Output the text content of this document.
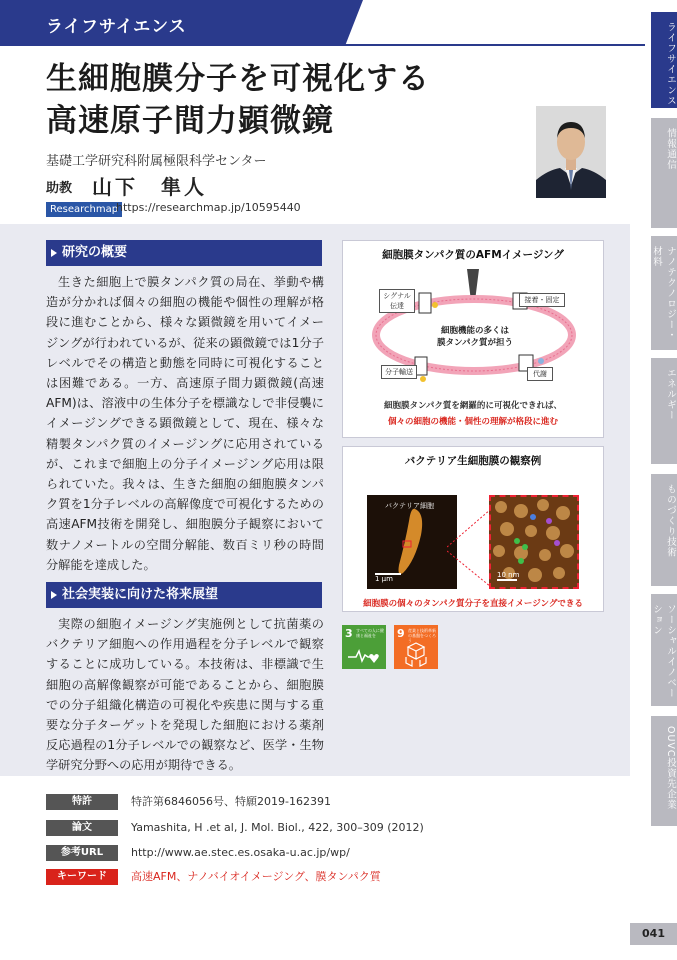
ライフサイエンス
生細胞膜分子を可視化する
高速原子間力顕微鏡
基礎工学研究科附属極限科学センター
助教 山下　隼人
Researchmap
https://researchmap.jp/10595440
研究の概要
生きた細胞上で膜タンパク質の局在、挙動や構造が分かれば個々の細胞の機能や個性の理解が格段に進むことから、様々な顕微鏡を用いてイメージングが行われているが、従来の顕微鏡では1分子レベルでその構造と動態を同時に可視化することは困難である。一方、高速原子間力顕微鏡(高速AFM)は、溶液中の生体分子を標識なしで非侵襲にイメージングできる顕微鏡として、現在、様々な精製タンパク質のイメージングに応用されているが、これまで細胞上の分子イメージング応用は限られていた。我々は、生きた細胞の細胞膜タンパク質を1分子レベルの高解像度で可視化するための高速AFM技術を開発し、細胞膜分子観察において数ナノメートルの空間分解能、数百ミリ秒の時間分解能を達成した。
社会実装に向けた将来展望
実際の細胞イメージング実施例として抗菌薬のバクテリア細胞への作用過程を分子レベルで観察することに成功している。本技術は、非標識で生細胞の高解像観察が可能であることから、細胞膜での分子組織化構造の可視化や疾患に関与する重要な分子ターゲットを発現した細胞における薬剤反応過程の1分子レベルでの観察など、医学・生物学研究分野への応用が期待できる。
細胞膜タンパク質のAFMイメージング
シグナル
伝達
接着・固定
分子輸送	代謝
細胞機能の多くは
膜タンパク質が担う
細胞膜タンパク質を網羅的に可視化できれば、
個々の細胞の機能・個性の理解が格段に進む
バクテリア生細胞膜の観察例
バクテリア細胞
1 μm	10 nm
細胞膜の個々のタンパク質分子を直接イメージングできる
3 すべての人に健康と福祉を	9 産業と技術革新の基盤をつくろう
特許	特許第6846056号、特願2019-162391
論文	Yamashita, H .et al, J. Mol. Biol., 422, 300–309 (2012)
参考URL	http://www.ae.stec.es.osaka-u.ac.jp/wp/
キーワード	高速AFM、ナノバイオイメージング、膜タンパク質
ライフサイエンス
情報通信
ナノテクノロジー・材料
エネルギー
ものづくり技術
ソーシャルイノベーション
OUVC投資先企業
041
